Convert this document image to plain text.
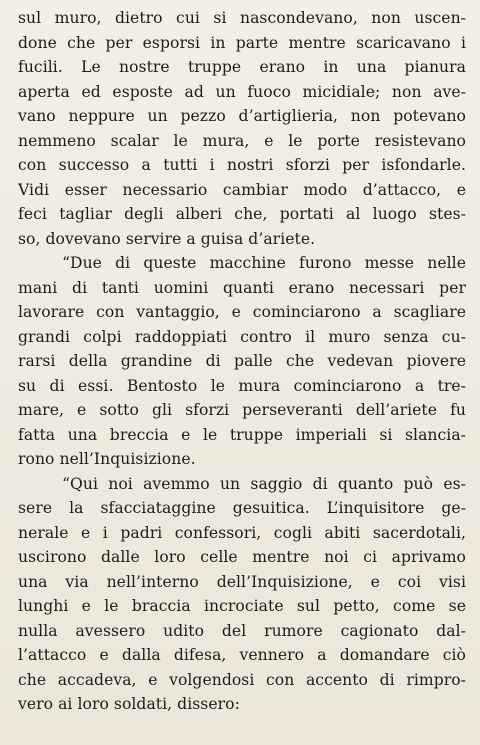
sul muro, dietro cui si nascondevano, non uscen-
done che per esporsi in parte mentre scaricavano i
fucili. Le nostre truppe erano in una pianura
aperta ed esposte ad un fuoco micidiale; non ave-
vano neppure un pezzo d’artiglieria, non potevano
nemmeno scalar le mura, e le porte resistevano
con successo a tutti i nostri sforzi per isfondarle.
Vidi esser necessario cambiar modo d’attacco, e
feci tagliar degli alberi che, portati al luogo stes-
so, dovevano servire a guisa d’ariete.
“Due di queste macchine furono messe nelle
mani di tanti uomini quanti erano necessari per
lavorare con vantaggio, e cominciarono a scagliare
grandi colpi raddoppiati contro il muro senza cu-
rarsi della grandine di palle che vedevan piovere
su di essi. Bentosto le mura cominciarono a tre-
mare, e sotto gli sforzi perseveranti dell’ariete fu
fatta una breccia e le truppe imperiali si slancia-
rono nell’Inquisizione.
“Qui noi avemmo un saggio di quanto può es-
sere la sfacciataggine gesuitica. L’inquisitore ge-
nerale e i padri confessori, cogli abiti sacerdotali,
uscirono dalle loro celle mentre noi ci aprivamo
una via nell’interno dell’Inquisizione, e coi visi
lunghi e le braccia incrociate sul petto, come se
nulla avessero udito del rumore cagionato dal-
l’attacco e dalla difesa, vennero a domandare ciò
che accadeva, e volgendosi con accento di rimpro-
vero ai loro soldati, dissero:
